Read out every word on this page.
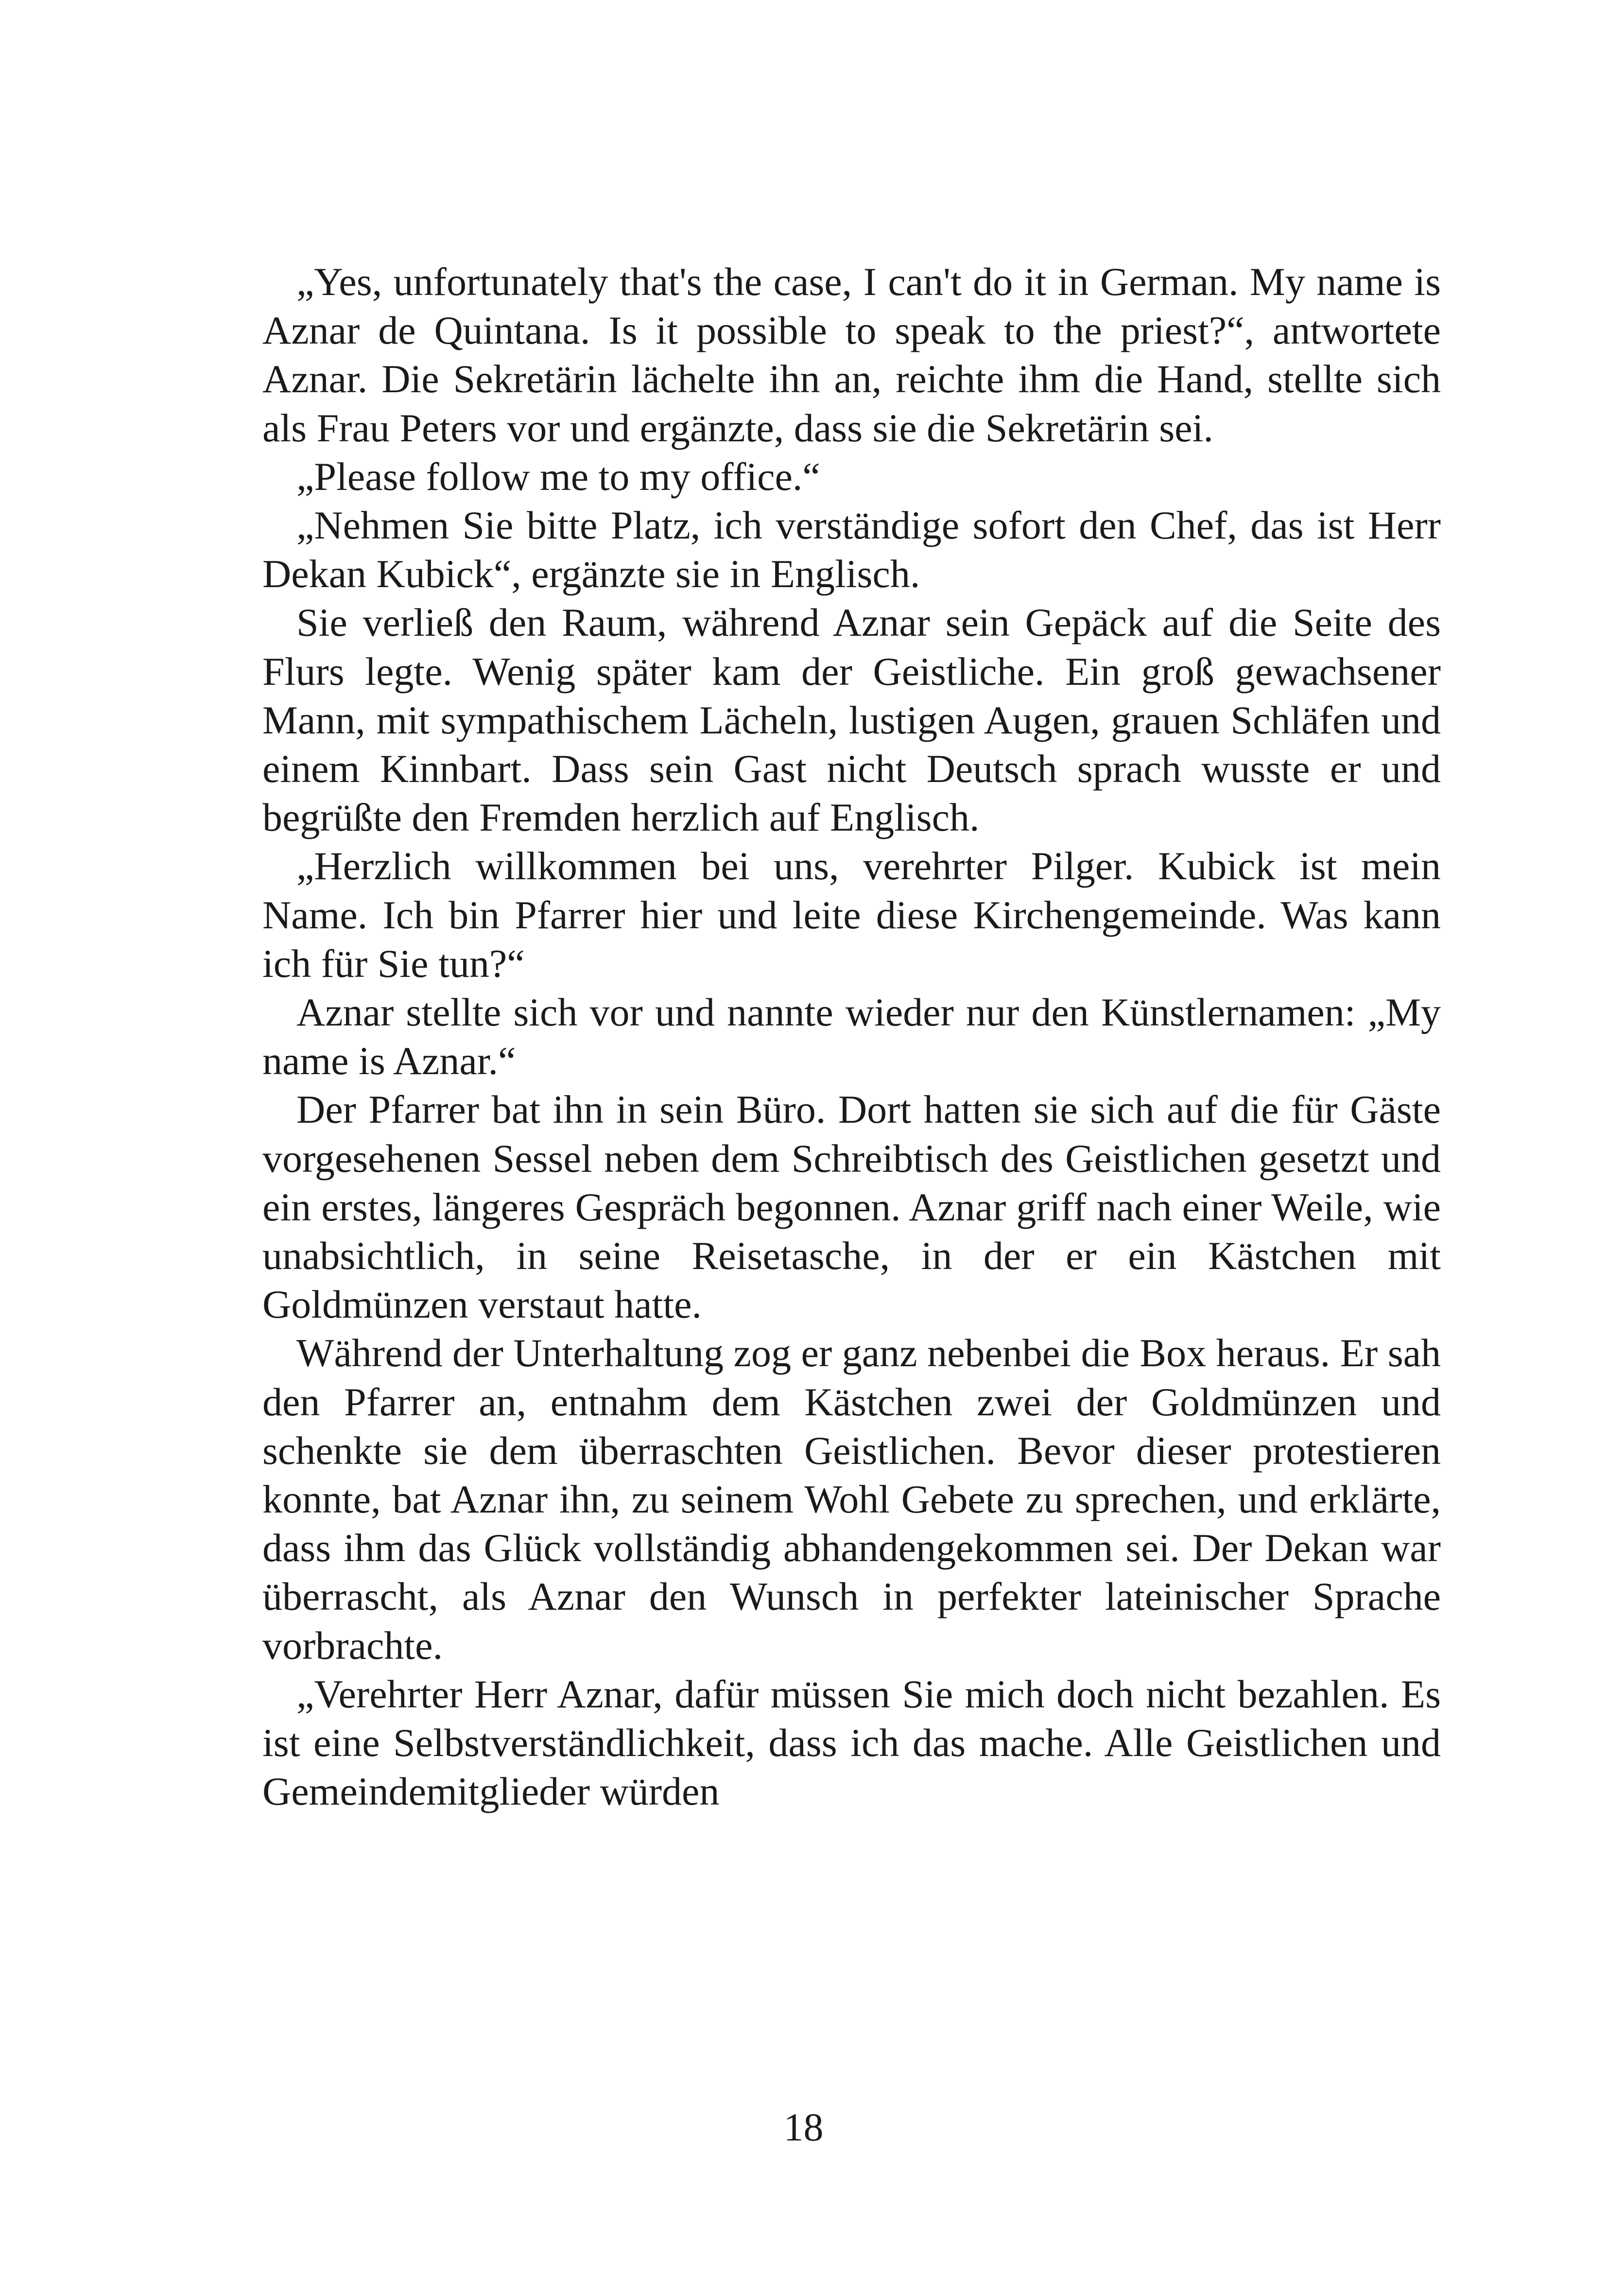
„Yes, unfortunately that's the case, I can't do it in German. My name is Aznar de Quintana. Is it possible to speak to the priest?“, antwortete Aznar. Die Sekretärin lächelte ihn an, reichte ihm die Hand, stellte sich als Frau Peters vor und ergänzte, dass sie die Sekretärin sei.

„Please follow me to my office.“

„Nehmen Sie bitte Platz, ich verständige sofort den Chef, das ist Herr Dekan Kubick“, ergänzte sie in Englisch.

Sie verließ den Raum, während Aznar sein Gepäck auf die Seite des Flurs legte. Wenig später kam der Geistliche. Ein groß gewachsener Mann, mit sympathischem Lächeln, lustigen Augen, grauen Schläfen und einem Kinnbart. Dass sein Gast nicht Deutsch sprach wusste er und begrüßte den Fremden herzlich auf Englisch.

„Herzlich willkommen bei uns, verehrter Pilger. Kubick ist mein Name. Ich bin Pfarrer hier und leite diese Kirchengemeinde. Was kann ich für Sie tun?“

Aznar stellte sich vor und nannte wieder nur den Künstlernamen: „My name is Aznar.“

Der Pfarrer bat ihn in sein Büro. Dort hatten sie sich auf die für Gäste vorgesehenen Sessel neben dem Schreibtisch des Geistlichen gesetzt und ein erstes, längeres Gespräch begonnen. Aznar griff nach einer Weile, wie unabsichtlich, in seine Reisetasche, in der er ein Kästchen mit Goldmünzen verstaut hatte.

Während der Unterhaltung zog er ganz nebenbei die Box heraus. Er sah den Pfarrer an, entnahm dem Kästchen zwei der Goldmünzen und schenkte sie dem überraschten Geistlichen. Bevor dieser protestieren konnte, bat Aznar ihn, zu seinem Wohl Gebete zu sprechen, und erklärte, dass ihm das Glück vollständig abhandengekommen sei. Der Dekan war überrascht, als Aznar den Wunsch in perfekter lateinischer Sprache vorbrachte.

„Verehrter Herr Aznar, dafür müssen Sie mich doch nicht bezahlen. Es ist eine Selbstverständlichkeit, dass ich das mache. Alle Geistlichen und Gemeindemitglieder würden

18
